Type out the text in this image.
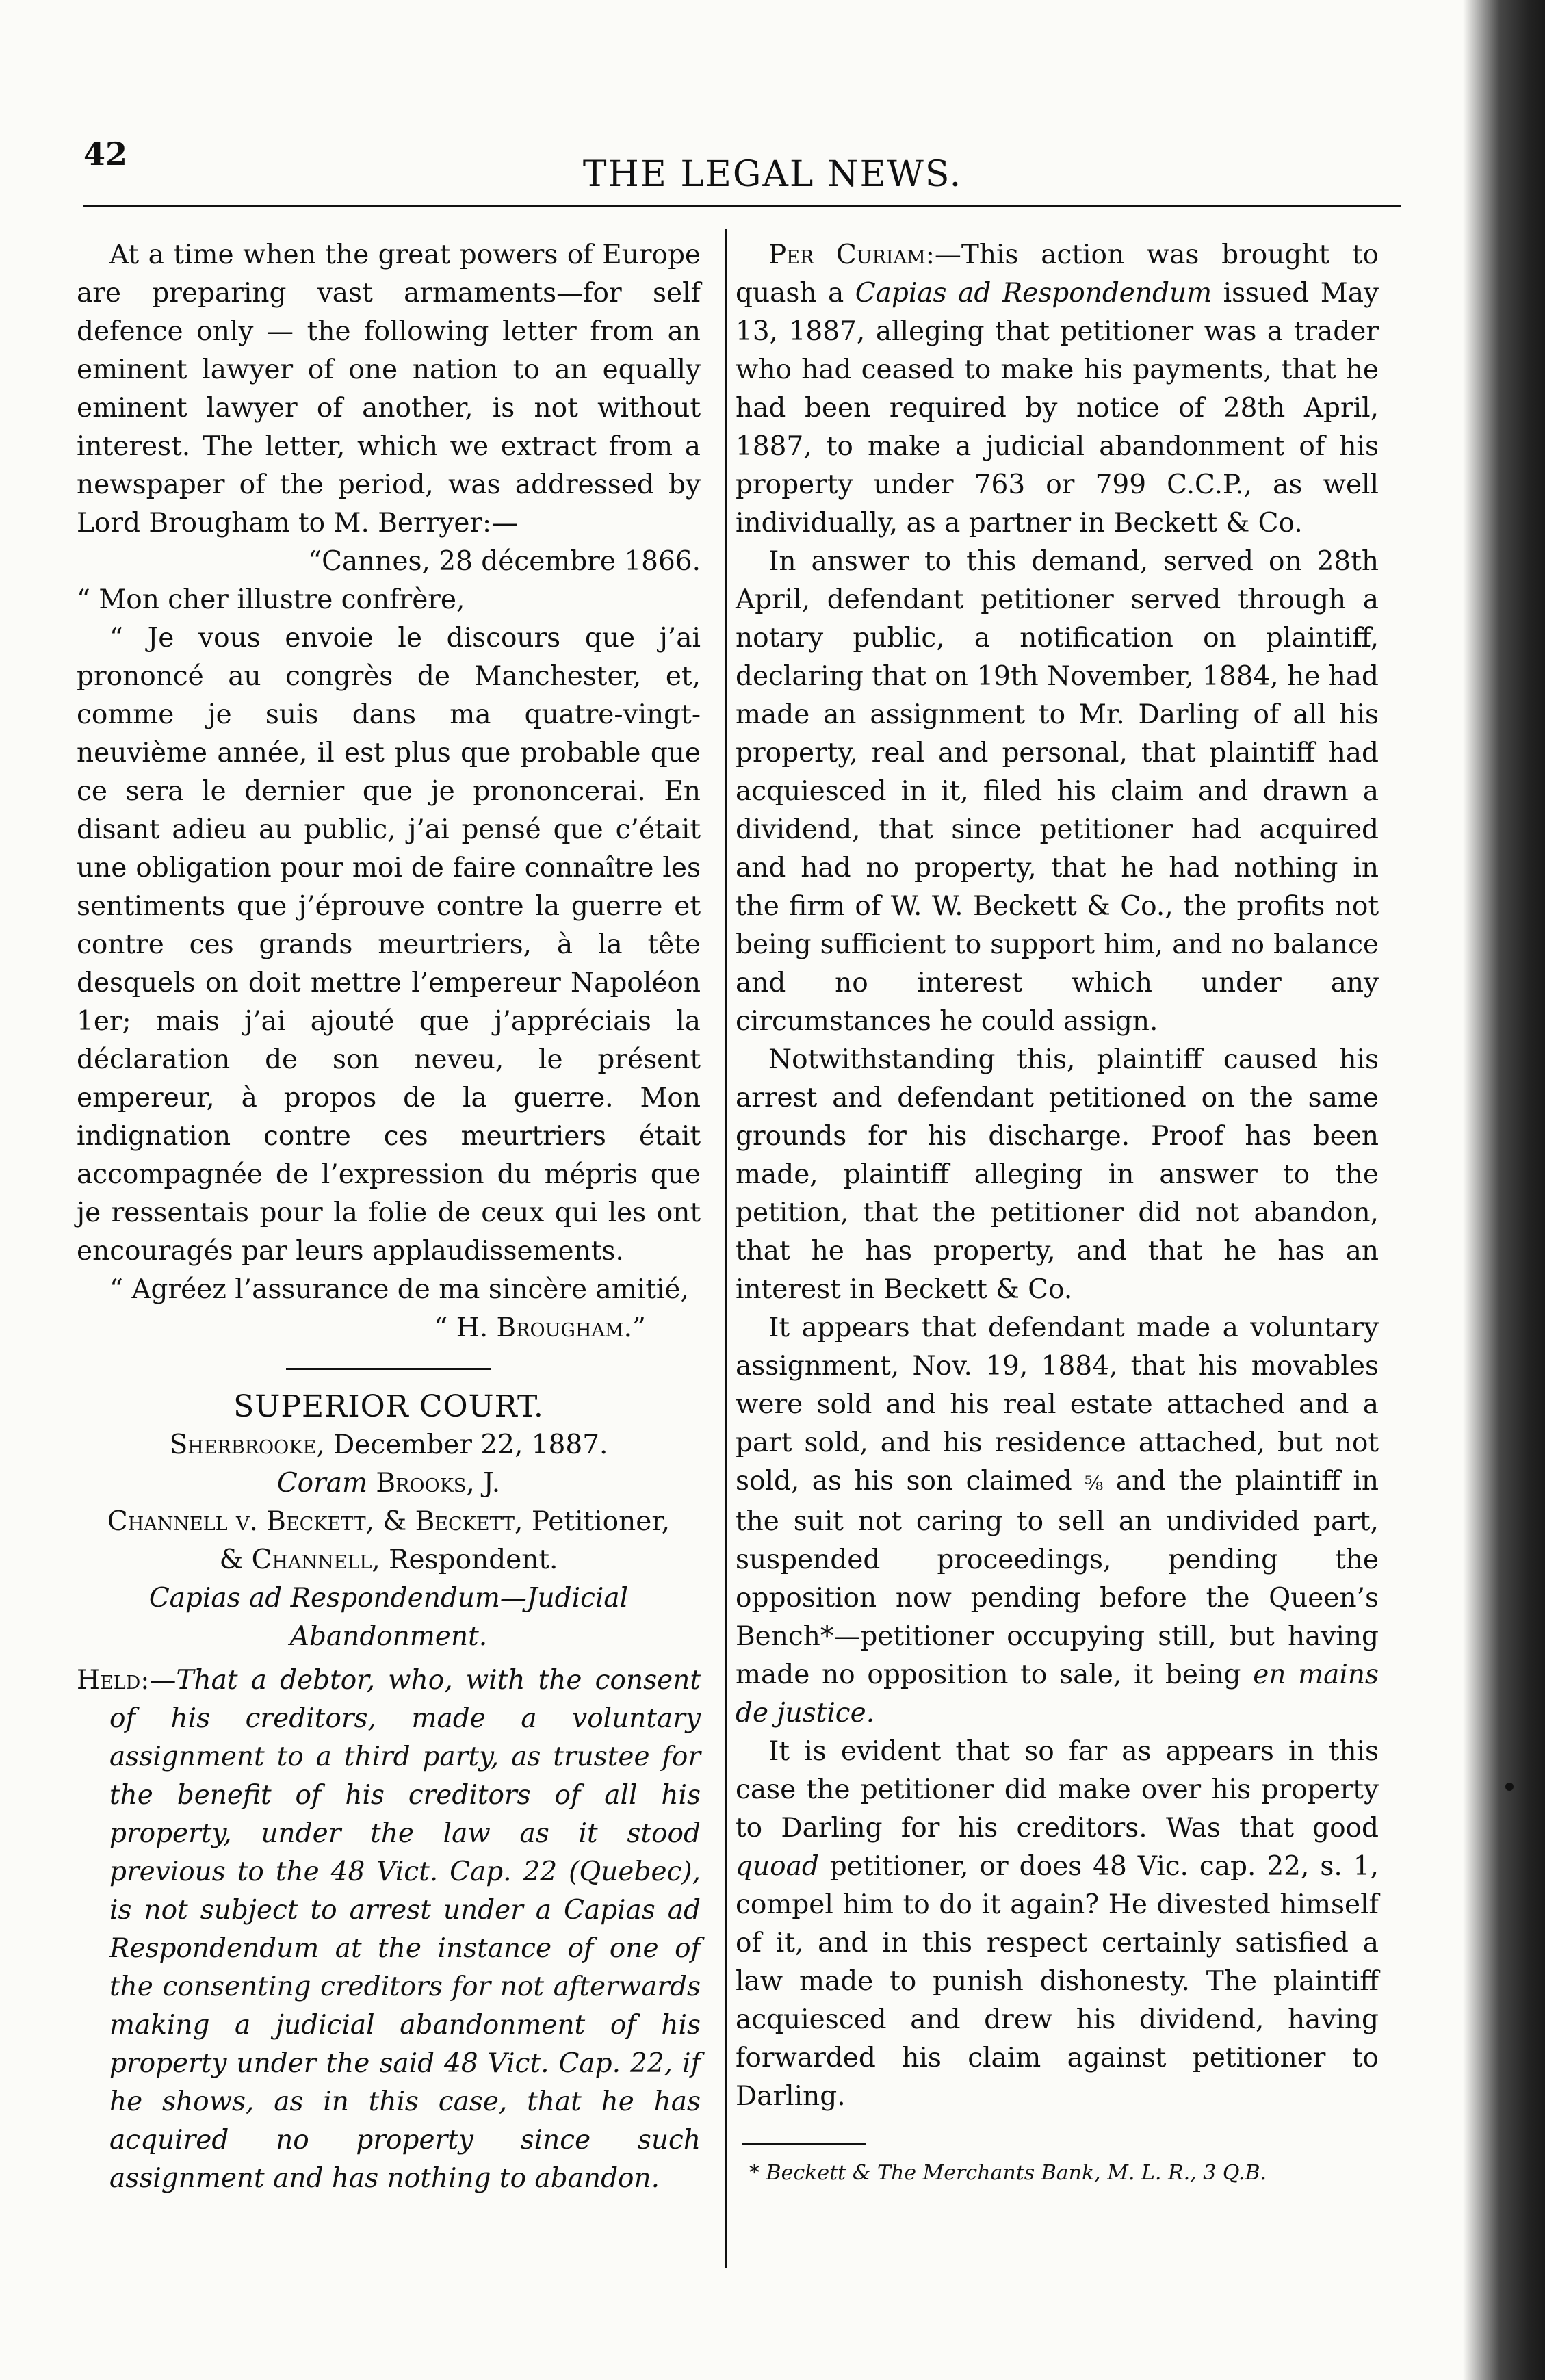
42	THE LEGAL NEWS.

At a time when the great powers of Europe are preparing vast armaments—for self defence only — the following letter from an eminent lawyer of one nation to an equally eminent lawyer of another, is not without interest. The letter, which we extract from a newspaper of the period, was addressed by Lord Brougham to M. Berryer:—

“Cannes, 28 décembre 1866.

“ Mon cher illustre confrère,

“ Je vous envoie le discours que j’ai prononcé au congrès de Manchester, et, comme je suis dans ma quatre-vingt-neuvième année, il est plus que probable que ce sera le dernier que je prononcerai. En disant adieu au public, j’ai pensé que c’était une obligation pour moi de faire connaître les sentiments que j’éprouve contre la guerre et contre ces grands meurtriers, à la tête desquels on doit mettre l’empereur Napoléon 1er; mais j’ai ajouté que j’appréciais la déclaration de son neveu, le présent empereur, à propos de la guerre. Mon indignation contre ces meurtriers était accompagnée de l’expression du mépris que je ressentais pour la folie de ceux qui les ont encouragés par leurs applaudissements.

“ Agréez l’assurance de ma sincère amitié,

“ H. Brougham.”

SUPERIOR COURT.

Sherbrooke, December 22, 1887.

Coram Brooks, J.

Channell v. Beckett, & Beckett, Petitioner,

& Channell, Respondent.

Capias ad Respondendum—Judicial Abandonment.

Held:—That a debtor, who, with the consent of his creditors, made a voluntary assignment to a third party, as trustee for the benefit of his creditors of all his property, under the law as it stood previous to the 48 Vict. Cap. 22 (Quebec), is not subject to arrest under a Capias ad Respondendum at the instance of one of the consenting creditors for not afterwards making a judicial abandonment of his property under the said 48 Vict. Cap. 22, if he shows, as in this case, that he has acquired no property since such assignment and has nothing to abandon.

Per Curiam:—This action was brought to quash a Capias ad Respondendum issued May 13, 1887, alleging that petitioner was a trader who had ceased to make his payments, that he had been required by notice of 28th April, 1887, to make a judicial abandonment of his property under 763 or 799 C.C.P., as well individually, as a partner in Beckett & Co.

In answer to this demand, served on 28th April, defendant petitioner served through a notary public, a notification on plaintiff, declaring that on 19th November, 1884, he had made an assignment to Mr. Darling of all his property, real and personal, that plaintiff had acquiesced in it, filed his claim and drawn a dividend, that since petitioner had acquired and had no property, that he had nothing in the firm of W. W. Beckett & Co., the profits not being sufficient to support him, and no balance and no interest which under any circumstances he could assign.

Notwithstanding this, plaintiff caused his arrest and defendant petitioned on the same grounds for his discharge. Proof has been made, plaintiff alleging in answer to the petition, that the petitioner did not abandon, that he has property, and that he has an interest in Beckett & Co.

It appears that defendant made a voluntary assignment, Nov. 19, 1884, that his movables were sold and his real estate attached and a part sold, and his residence attached, but not sold, as his son claimed ⅝ and the plaintiff in the suit not caring to sell an undivided part, suspended proceedings, pending the opposition now pending before the Queen’s Bench*—petitioner occupying still, but having made no opposition to sale, it being en mains de justice.

It is evident that so far as appears in this case the petitioner did make over his property to Darling for his creditors. Was that good quoad petitioner, or does 48 Vic. cap. 22, s. 1, compel him to do it again? He divested himself of it, and in this respect certainly satisfied a law made to punish dishonesty. The plaintiff acquiesced and drew his dividend, having forwarded his claim against petitioner to Darling.

* Beckett & The Merchants Bank, M. L. R., 3 Q.B.
